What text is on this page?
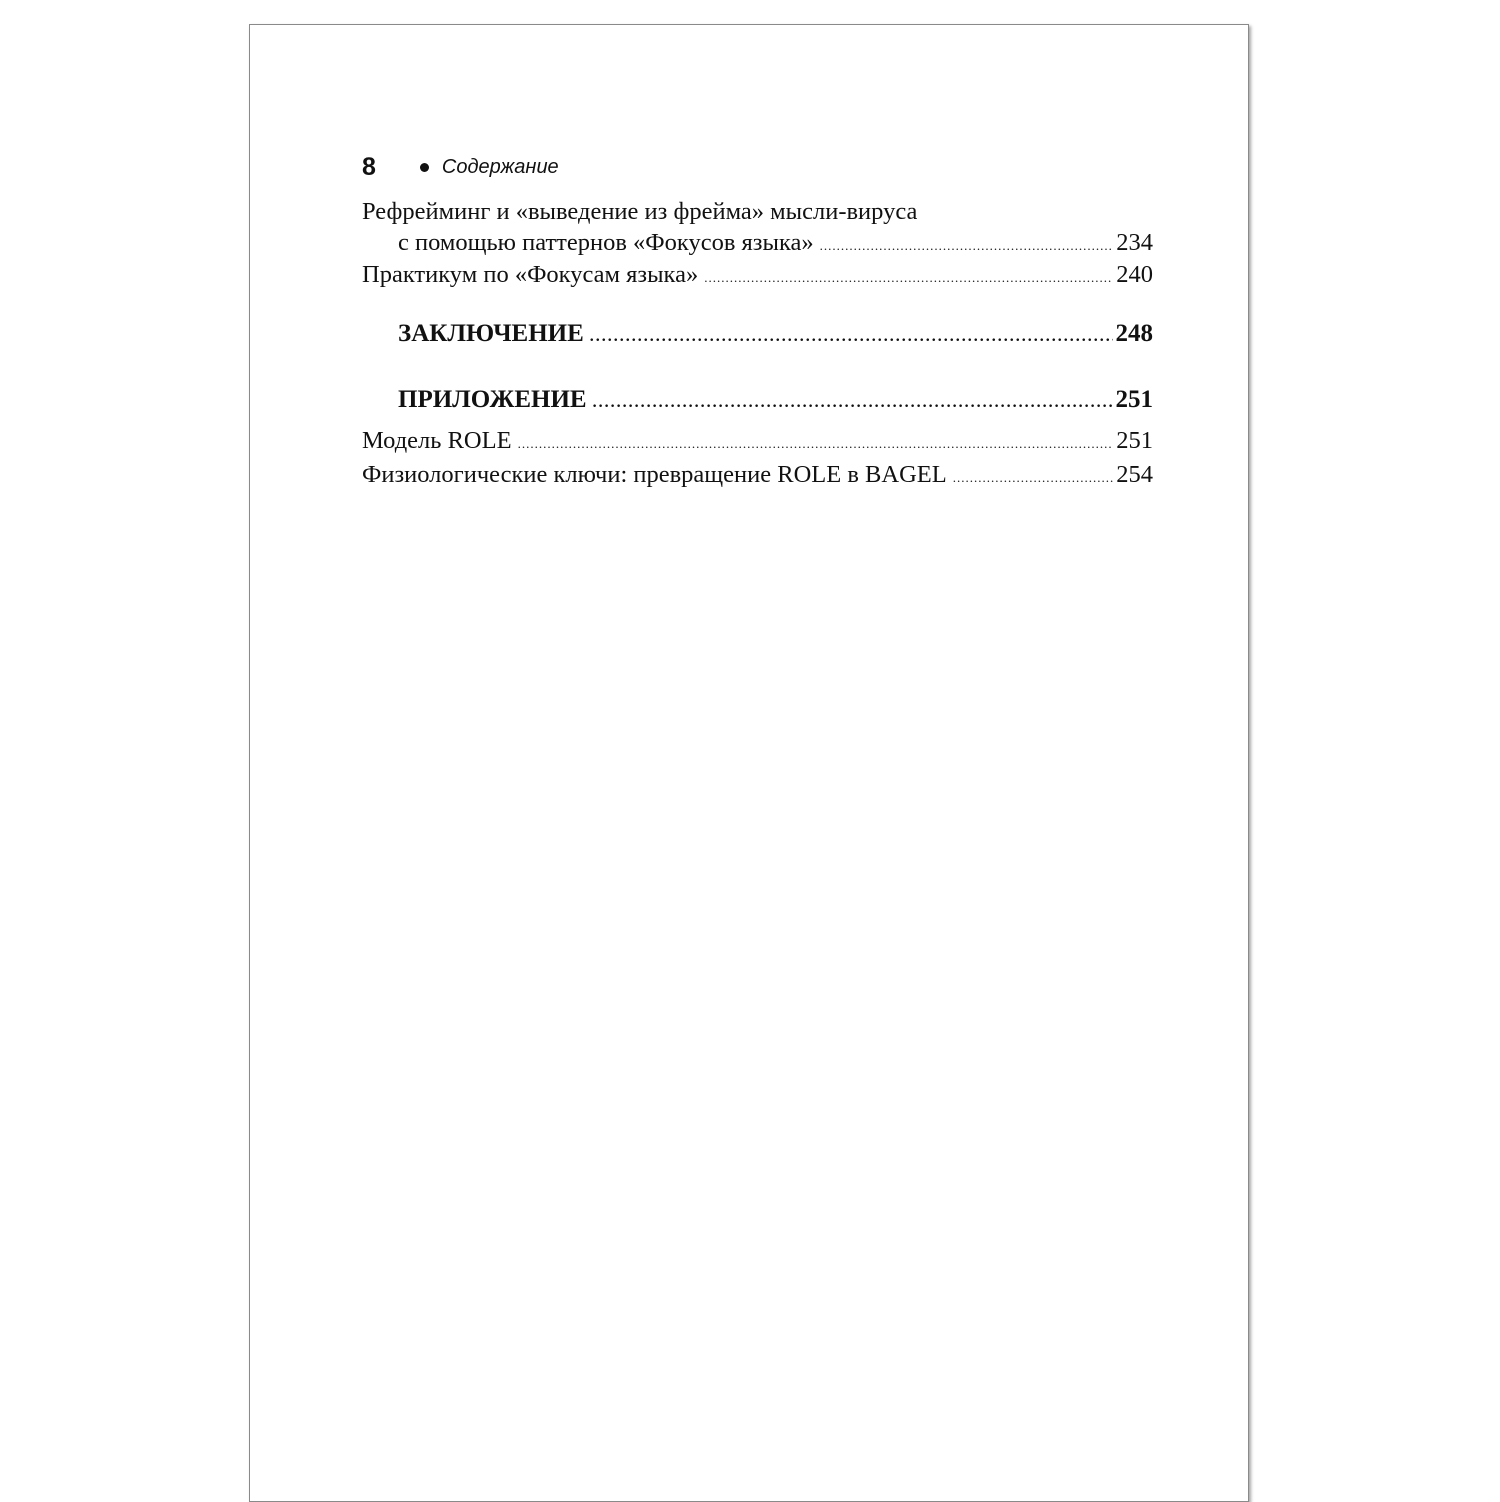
8	Содержание
Рефрейминг и «выведение из фрейма» мысли-вируса
с помощью паттернов «Фокусов языка» .....	234
Практикум по «Фокусам языка» .....	240
ЗАКЛЮЧЕНИЕ .....	248
ПРИЛОЖЕНИЕ .....	251
Модель ROLE .....	251
Физиологические ключи: превращение ROLE в BAGEL .....	254
